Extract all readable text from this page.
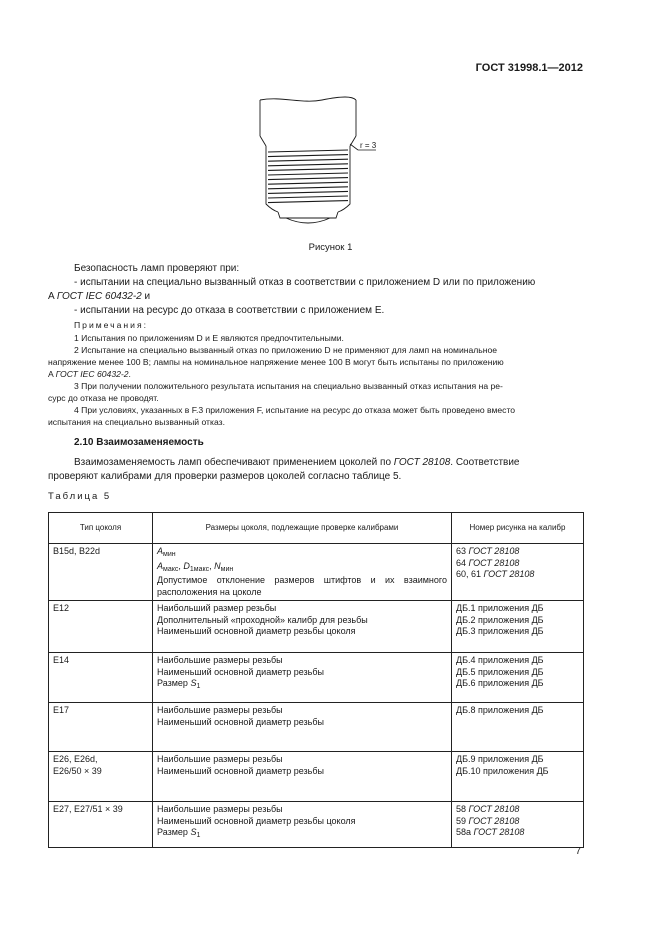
ГОСТ 31998.1—2012
r = 3
Рисунок 1
Безопасность ламп проверяют при:
- испытании на специально вызванный отказ в соответствии с приложением D или по приложению
A ГОСТ IEC 60432-2 и
- испытании на ресурс до отказа в соответствии с приложением E.
Примечания:
1 Испытания по приложениям D и E являются предпочтительными.
2 Испытание на специально вызванный отказ по приложению D не применяют для ламп на номинальное
напряжение менее 100 В; лампы на номинальное напряжение менее 100 В могут быть испытаны по приложению
A ГОСТ IEC 60432-2.
3 При получении положительного результата испытания на специально вызванный отказ испытания на ре-
сурс до отказа не проводят.
4 При условиях, указанных в F.3 приложения F, испытание на ресурс до отказа может быть проведено вместо
испытания на специально вызванный отказ.
2.10 Взаимозаменяемость
Взаимозаменяемость ламп обеспечивают применением цоколей по ГОСТ 28108. Соответствие
проверяют калибрами для проверки размеров цоколей согласно таблице 5.
Таблица 5
Тип цоколя	Размеры цоколя, подлежащие проверке калибрами	Номер рисунка на калибр
B15d, B22d	$A_{мин}$
$A_{макс}$, $D_{1макс}$, $N_{мин}$
Допустимое отклонение размеров штифтов и их взаимного расположения на цоколе	63 ГОСТ 28108
64 ГОСТ 28108
60, 61 ГОСТ 28108

E12	Наибольший размер резьбы
Дополнительный «проходной» калибр для резьбы
Наименьший основной диаметр резьбы цоколя	ДБ.1 приложения ДБ
ДБ.2 приложения ДБ
ДБ.3 приложения ДБ

E14	Наибольшие размеры резьбы
Наименьший основной диаметр резьбы
Размер $S_1$	ДБ.4 приложения ДБ
ДБ.5 приложения ДБ
ДБ.6 приложения ДБ

E17	Наибольшие размеры резьбы
Наименьший основной диаметр резьбы	ДБ.8 приложения ДБ

E26, E26d,
E26/50 × 39	Наибольшие размеры резьбы
Наименьший основной диаметр резьбы	ДБ.9 приложения ДБ
ДБ.10 приложения ДБ

E27, E27/51 × 39	Наибольшие размеры резьбы
Наименьший основной диаметр резьбы цоколя
Размер $S_1$	58 ГОСТ 28108
59 ГОСТ 28108
58а ГОСТ 28108
7
